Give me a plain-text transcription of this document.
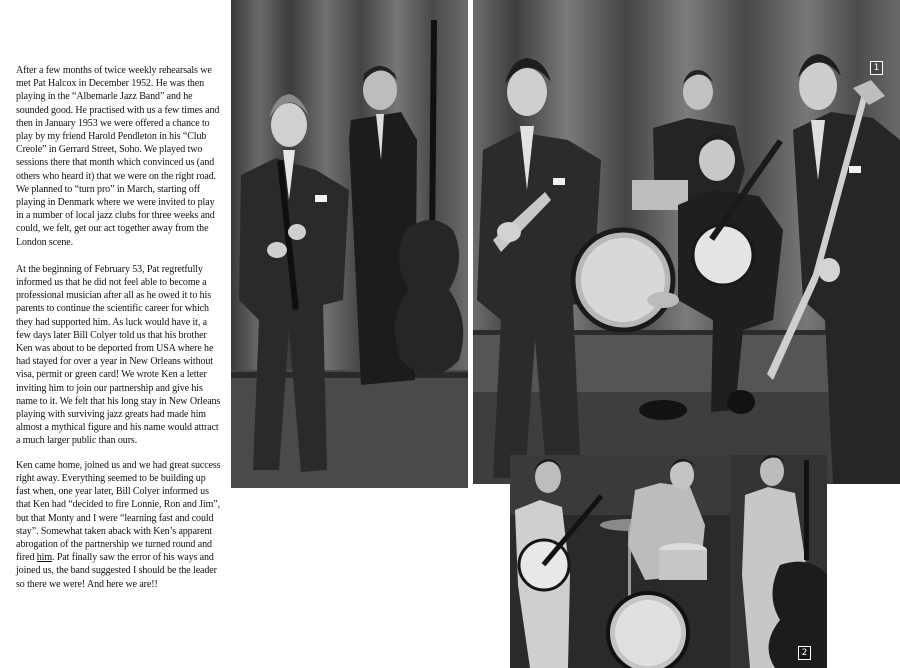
After a few months of twice weekly rehearsals we met Pat Halcox in December 1952. He was then playing in the “Albemarle Jazz Band” and he sounded good. He practised with us a few times and then in January 1953 we were offered a chance to play by my friend Harold Pendleton in his “Club Creole” in Gerrard Street, Soho. We played two sessions there that month which convinced us (and others who heard it) that we were on the right road. We planned to “turn pro” in March, starting off playing in Denmark where we were invited to play in a number of local jazz clubs for three weeks and could, we felt, get our act together away from the London scene.

At the beginning of February 53, Pat regretfully informed us that he did not feel able to become a professional musician after all as he owed it to his parents to continue the scientific career for which they had supported him. As luck would have it, a few days later Bill Colyer told us that his brother Ken was about to be deported from USA where he had stayed for over a year in New Orleans without visa, permit or green card! We wrote Ken a letter inviting him to join our partnership and give his name to it. We felt that his long stay in New Orleans playing with surviving jazz greats had made him almost a mythical figure and his name would attract a much larger public than ours.

Ken came home, joined us and we had great success right away. Everything seemed to be building up fast when, one year later, Bill Colyer informed us that Ken had “decided to fire Lonnie, Ron and Jim”, but that Monty and I were “learning fast and could stay”. Somewhat taken aback with Ken’s apparent abrogation of the partnership we turned round and fired him. Pat finally saw the error of his ways and joined us, the band suggested I should be the leader so there we were! And here we are!!

1
2
